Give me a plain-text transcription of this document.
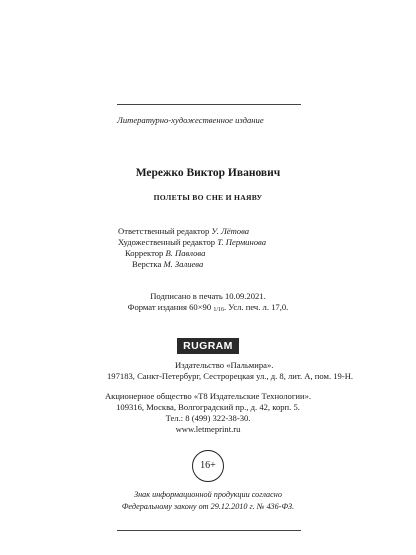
Литературно-художественное издание
Мережко Виктор Иванович
ПОЛЕТЫ ВО СНЕ И НАЯВУ
Ответственный редактор У. Лётова
Художественный редактор Т. Перминова
Корректор В. Павлова
Верстка М. Залиева
Подписано в печать 10.09.2021.
Формат издания 60×90 1/16. Усл. печ. л. 17,0.
RUGRAM
Издательство «Пальмира».
197183, Санкт-Петербург, Сестрорецкая ул., д. 8, лит. А, пом. 19-Н.
Акционерное общество «Т8 Издательские Технологии».
109316, Москва, Волгоградский пр., д. 42, корп. 5.
Тел.: 8 (499) 322-38-30.
www.letmeprint.ru
16+
Знак информационной продукции согласно
Федеральному закону от 29.12.2010 г. № 436-ФЗ.
